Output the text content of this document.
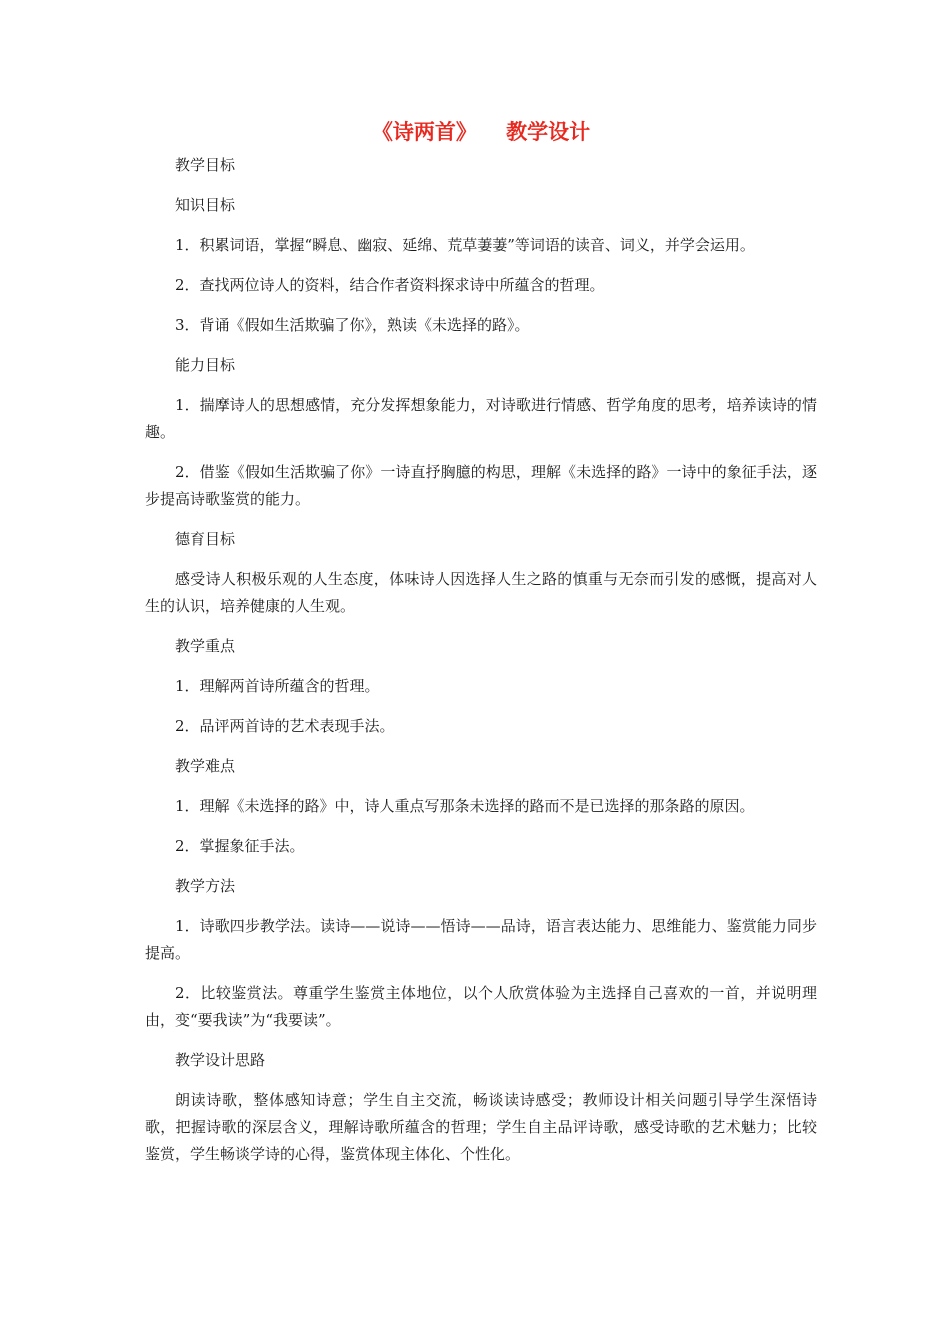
《诗两首》    教学设计
教学目标
知识目标
1．积累词语，掌握“瞬息、幽寂、延绵、荒草萋萋”等词语的读音、词义，并学会运用。
2．查找两位诗人的资料，结合作者资料探求诗中所蕴含的哲理。
3．背诵《假如生活欺骗了你》，熟读《未选择的路》。
能力目标
1．揣摩诗人的思想感情，充分发挥想象能力，对诗歌进行情感、哲学角度的思考，培养读诗的情趣。
2．借鉴《假如生活欺骗了你》一诗直抒胸臆的构思，理解《未选择的路》一诗中的象征手法，逐步提高诗歌鉴赏的能力。
德育目标
感受诗人积极乐观的人生态度，体味诗人因选择人生之路的慎重与无奈而引发的感慨，提高对人生的认识，培养健康的人生观。
教学重点
1．理解两首诗所蕴含的哲理。
2．品评两首诗的艺术表现手法。
教学难点
1．理解《未选择的路》中，诗人重点写那条未选择的路而不是已选择的那条路的原因。
2．掌握象征手法。
教学方法
1．诗歌四步教学法。读诗——说诗——悟诗——品诗，语言表达能力、思维能力、鉴赏能力同步提高。
2．比较鉴赏法。尊重学生鉴赏主体地位，以个人欣赏体验为主选择自己喜欢的一首，并说明理由，变“要我读”为“我要读”。
教学设计思路
朗读诗歌，整体感知诗意；学生自主交流，畅谈读诗感受；教师设计相关问题引导学生深悟诗歌，把握诗歌的深层含义，理解诗歌所蕴含的哲理；学生自主品评诗歌，感受诗歌的艺术魅力；比较鉴赏，学生畅谈学诗的心得，鉴赏体现主体化、个性化。
